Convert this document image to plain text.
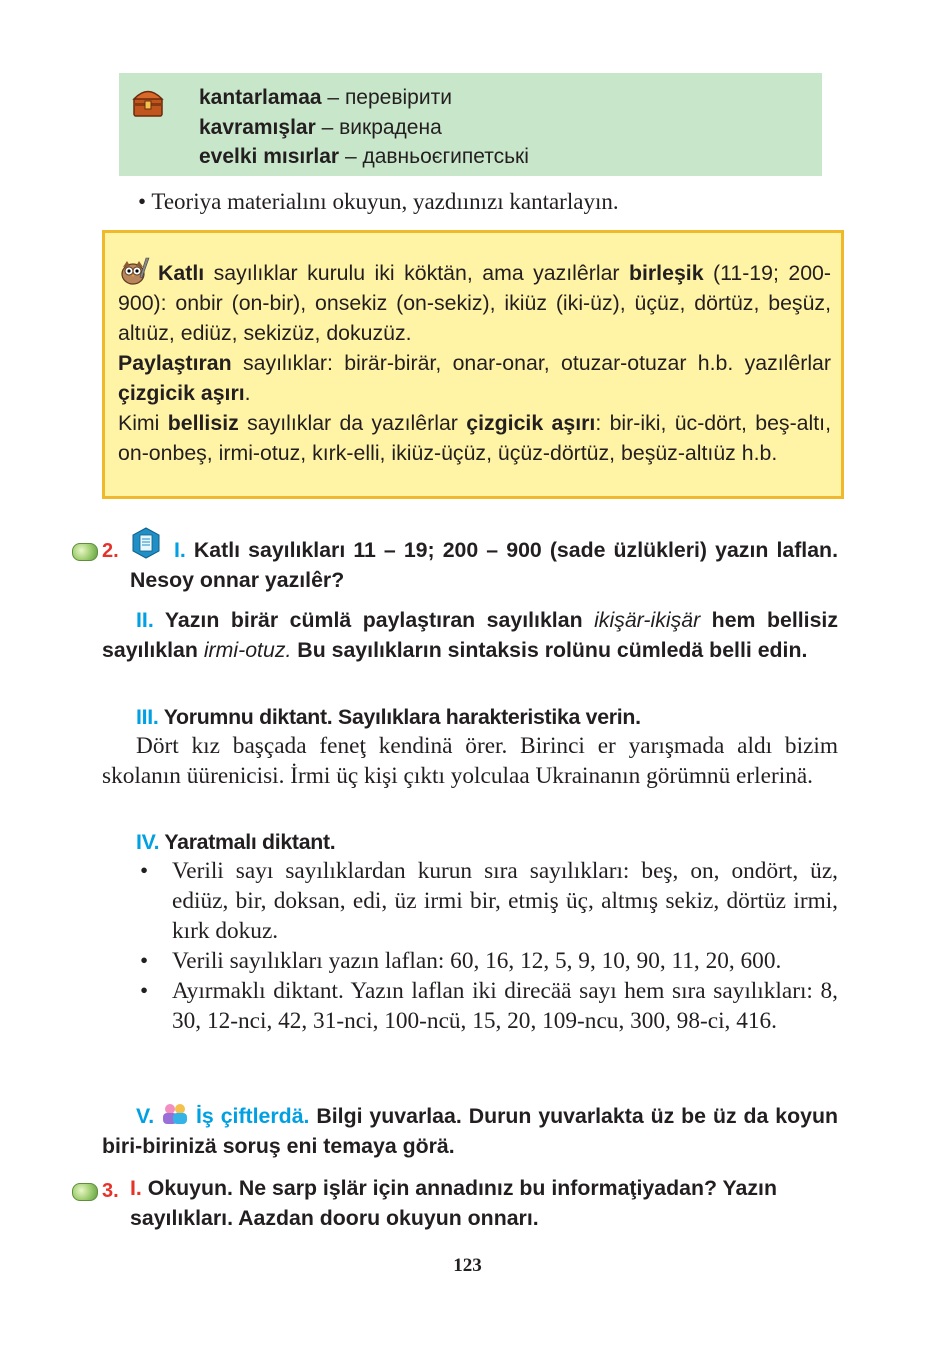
kantarlamaa – перевірити
kavramışlar – викрадена
evelki mısırlar – давньоєгипетські
• Teoriya materialını okuyun, yazdıınızı kantarlayın.
Katlı sayılıklar kurulu iki köktän, ama yazılêrlar birleşik (11-19; 200-900): onbir (on-bir), onsekiz (on-sekiz), ikiüz (iki-üz), üçüz, dörtüz, beşüz, altıüz, ediüz, sekizüz, dokuzüz.
Paylaştıran sayılıklar: birär-birär, onar-onar, otuzar-otuzar h.b. yazılêrlar çizgicik aşırı.
Kimi bellisiz sayılıklar da yazılêrlar çizgicik aşırı: bir-iki, üc-dört, beş-altı, on-onbeş, irmi-otuz, kırk-elli, ikiüz-üçüz, üçüz-dörtüz, beşüz-altıüz h.b.
2.	I. Katlı sayılıkları 11 – 19; 200 – 900 (sade üzlükleri) yazın laflan. Nesoy onnar yazılêr?
II. Yazın birär cümlä paylaştıran sayılıklan ikişär-ikişär hem bellisiz sayılıklan irmi-otuz. Bu sayılıkların sintaksis rolünu cümledä belli edin.
III. Yorumnu diktant. Sayılıklara harakteristika verin.
Dört kız başçada feneţ kendinä örer. Birinci er yarışmada aldı bizim skolanın üürenicisi. İrmi üç kişi çıktı yolculaa Ukrainanın görümnü erlerinä.
IV. Yaratmalı diktant.
• Verili sayı sayılıklardan kurun sıra sayılıkları: beş, on, ondört, üz, ediüz, bir, doksan, edi, üz irmi bir, etmiş üç, altmış sekiz, dörtüz irmi, kırk dokuz.
• Verili sayılıkları yazın laflan: 60, 16, 12, 5, 9, 10, 90, 11, 20, 600.
• Ayırmaklı diktant. Yazın laflan iki direcää sayı hem sıra sayılıkları: 8, 30, 12-nci, 42, 31-nci, 100-ncü, 15, 20, 109-ncu, 300, 98-ci, 416.
V. İş çiftlerdä. Bilgi yuvarlaa. Durun yuvarlakta üz be üz da koyun biri-birinizä soruş eni temaya görä.
3. I. Okuyun. Ne sarp işlär için annadınız bu informaţiyadan? Yazın sayılıkları. Aazdan dooru okuyun onnarı.
123
